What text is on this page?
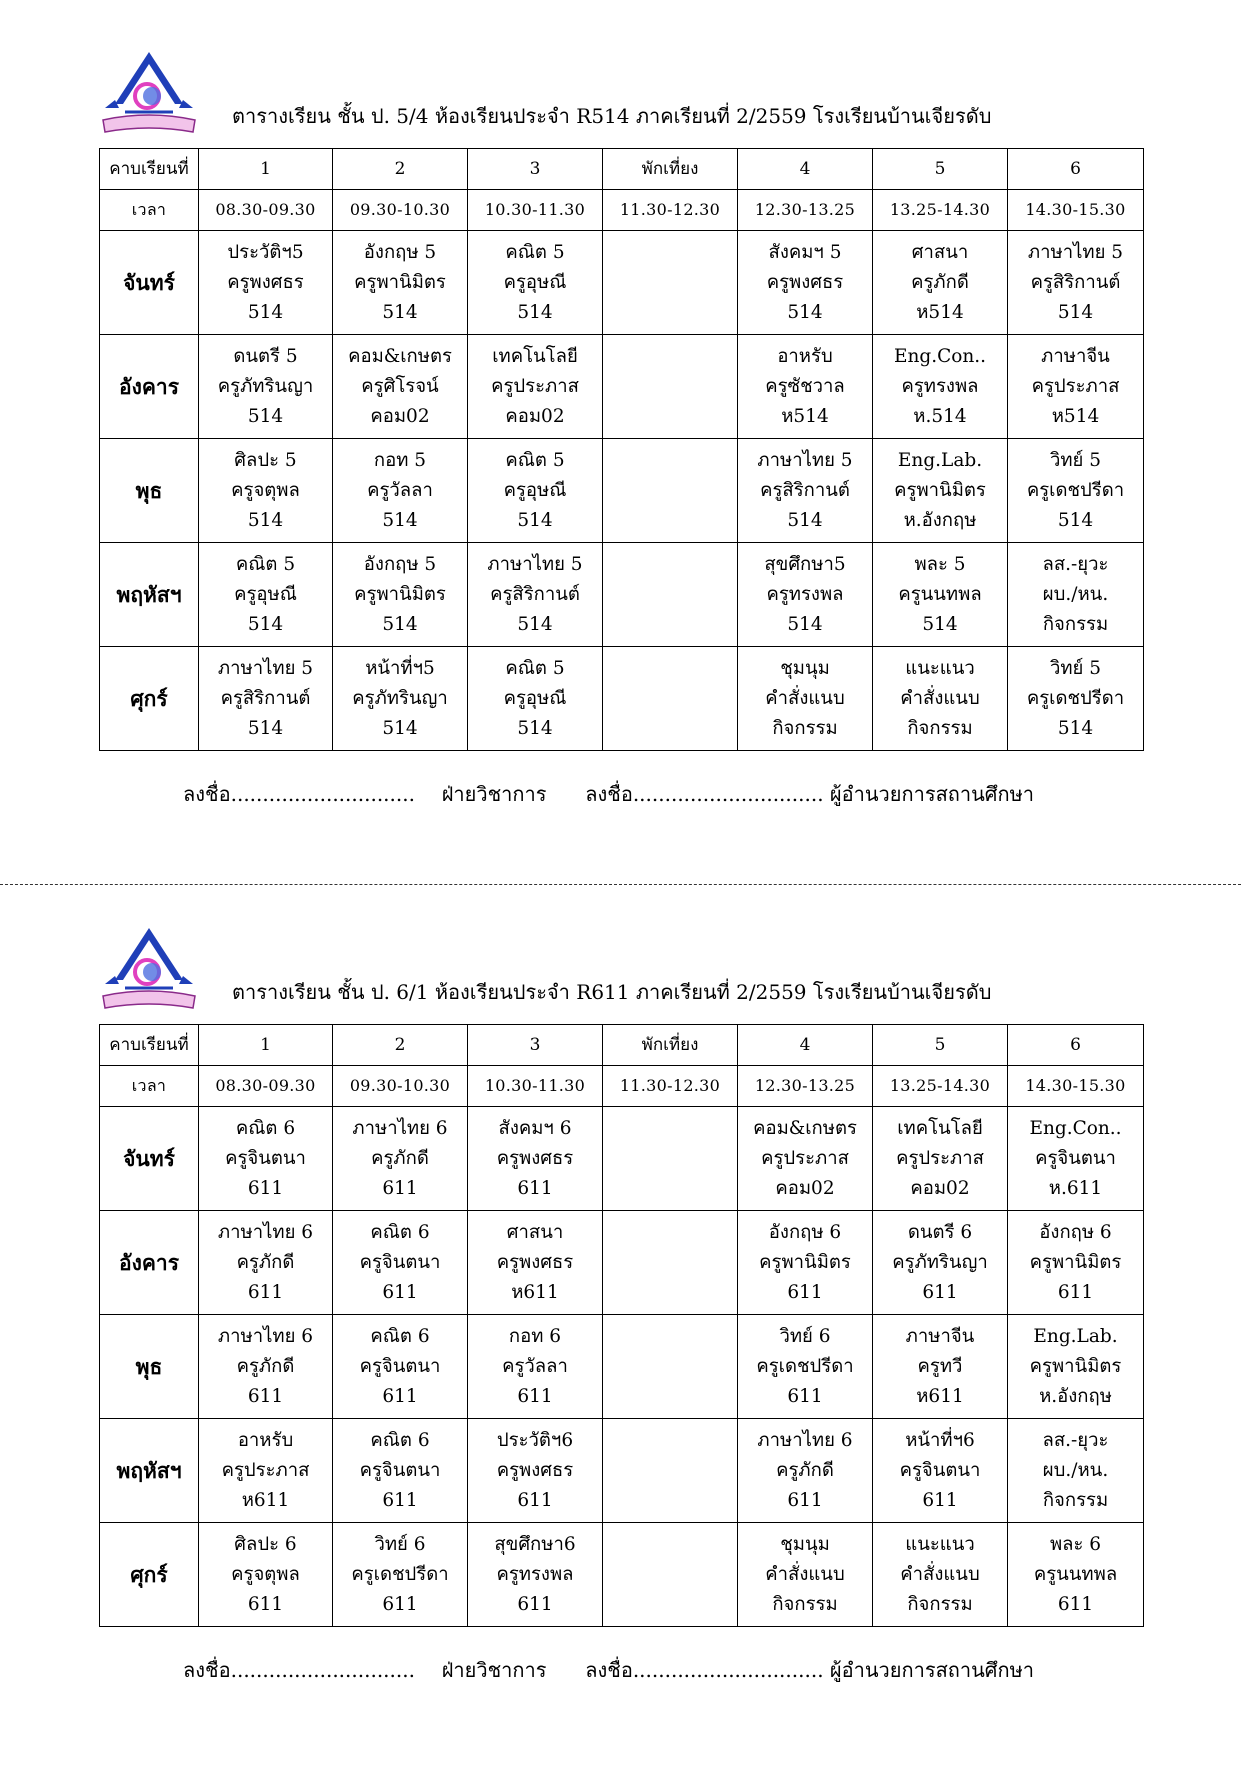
ตารางเรียน ชั้น ป. 5/4 ห้องเรียนประจำ R514 ภาคเรียนที่ 2/2559 โรงเรียนบ้านเจียรดับ
คาบเรียนที่	1	2	3	พักเที่ยง	4	5	6
เวลา	08.30-09.30	09.30-10.30	10.30-11.30	11.30-12.30	12.30-13.25	13.25-14.30	14.30-15.30
จันทร์	ประวัติฯ5
ครูพงศธร
514	อังกฤษ 5
ครูพานิมิตร
514	คณิต 5
ครูอุษณี
514		สังคมฯ 5
ครูพงศธร
514	ศาสนา
ครูภักดี
ห514	ภาษาไทย 5
ครูสิริกานต์
514

อังคาร	ดนตรี 5
ครูภัทรินญา
514	คอม&เกษตร
ครูศิโรจน์
คอม02	เทคโนโลยี
ครูประภาส
คอม02		อาหรับ
ครูซัชวาล
ห514	Eng.Con..
ครูทรงพล
ห.514	ภาษาจีน
ครูประภาส
ห514

พุธ	ศิลปะ 5
ครูจตุพล
514	กอท 5
ครูวัลลา
514	คณิต 5
ครูอุษณี
514		ภาษาไทย 5
ครูสิริกานต์
514	Eng.Lab.
ครูพานิมิตร
ห.อังกฤษ	วิทย์ 5
ครูเดชปรีดา
514

พฤหัสฯ	คณิต 5
ครูอุษณี
514	อังกฤษ 5
ครูพานิมิตร
514	ภาษาไทย 5
ครูสิริกานต์
514		สุขศึกษา5
ครูทรงพล
514	พละ 5
ครูนนทพล
514	ลส.-ยุวะ
ผบ./หน.
กิจกรรม

ศุกร์	ภาษาไทย 5
ครูสิริกานต์
514	หน้าที่ฯ5
ครูภัทรินญา
514	คณิต 5
ครูอุษณี
514		ชุมนุม
คำสั่งแนบ
กิจกรรม	แนะแนว
คำสั่งแนบ
กิจกรรม	วิทย์ 5
ครูเดชปรีดา
514
ลงชื่อ............................. ฝ่ายวิชาการ ลงชื่อ.............................. ผู้อำนวยการสถานศึกษา
ตารางเรียน ชั้น ป. 6/1 ห้องเรียนประจำ R611 ภาคเรียนที่ 2/2559 โรงเรียนบ้านเจียรดับ
คาบเรียนที่	1	2	3	พักเที่ยง	4	5	6
เวลา	08.30-09.30	09.30-10.30	10.30-11.30	11.30-12.30	12.30-13.25	13.25-14.30	14.30-15.30
จันทร์	คณิต 6
ครูจินตนา
611	ภาษาไทย 6
ครูภักดี
611	สังคมฯ 6
ครูพงศธร
611		คอม&เกษตร
ครูประภาส
คอม02	เทคโนโลยี
ครูประภาส
คอม02	Eng.Con..
ครูจินตนา
ห.611

อังคาร	ภาษาไทย 6
ครูภักดี
611	คณิต 6
ครูจินตนา
611	ศาสนา
ครูพงศธร
ห611		อังกฤษ 6
ครูพานิมิตร
611	ดนตรี 6
ครูภัทรินญา
611	อังกฤษ 6
ครูพานิมิตร
611

พุธ	ภาษาไทย 6
ครูภักดี
611	คณิต 6
ครูจินตนา
611	กอท 6
ครูวัลลา
611		วิทย์ 6
ครูเดชปรีดา
611	ภาษาจีน
ครูทวี
ห611	Eng.Lab.
ครูพานิมิตร
ห.อังกฤษ

พฤหัสฯ	อาหรับ
ครูประภาส
ห611	คณิต 6
ครูจินตนา
611	ประวัติฯ6
ครูพงศธร
611		ภาษาไทย 6
ครูภักดี
611	หน้าที่ฯ6
ครูจินตนา
611	ลส.-ยุวะ
ผบ./หน.
กิจกรรม

ศุกร์	ศิลปะ 6
ครูจตุพล
611	วิทย์ 6
ครูเดชปรีดา
611	สุขศึกษา6
ครูทรงพล
611		ชุมนุม
คำสั่งแนบ
กิจกรรม	แนะแนว
คำสั่งแนบ
กิจกรรม	พละ 6
ครูนนทพล
611
ลงชื่อ............................. ฝ่ายวิชาการ ลงชื่อ.............................. ผู้อำนวยการสถานศึกษา
